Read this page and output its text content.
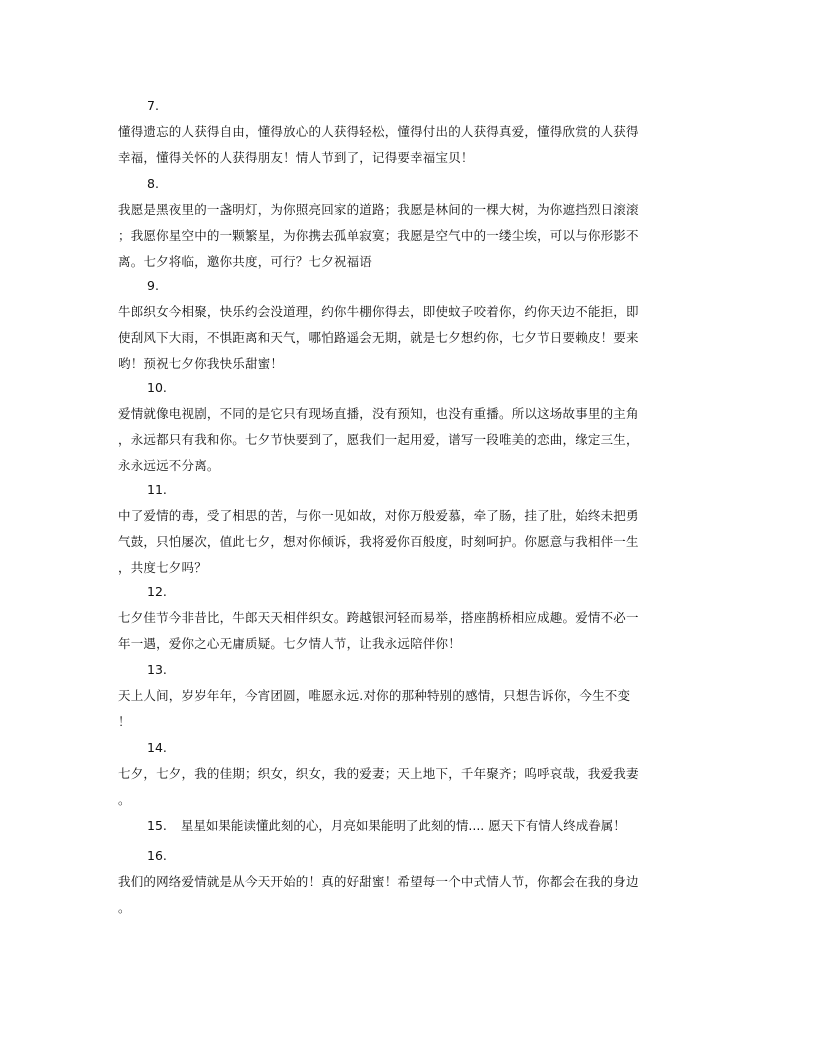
7.
懂得遗忘的人获得自由，懂得放心的人获得轻松，懂得付出的人获得真爱，懂得欣赏的人获得
幸福，懂得关怀的人获得朋友！情人节到了，记得要幸福宝贝！
8.
我愿是黑夜里的一盏明灯，为你照亮回家的道路；我愿是林间的一棵大树，为你遮挡烈日滚滚
；我愿你星空中的一颗繁星，为你携去孤单寂寞；我愿是空气中的一缕尘埃，可以与你形影不
离。七夕将临，邀你共度，可行？七夕祝福语
9.
牛郎织女今相聚，快乐约会没道理，约你牛棚你得去，即使蚊子咬着你，约你天边不能拒，即
使刮风下大雨，不惧距离和天气，哪怕路遥会无期，就是七夕想约你，七夕节日要赖皮！要来
哟！预祝七夕你我快乐甜蜜！
10.
爱情就像电视剧，不同的是它只有现场直播，没有预知，也没有重播。所以这场故事里的主角
，永远都只有我和你。七夕节快要到了，愿我们一起用爱，谱写一段唯美的恋曲，缘定三生，
永永远远不分离。
11.
中了爱情的毒，受了相思的苦，与你一见如故，对你万般爱慕，牵了肠，挂了肚，始终未把勇
气鼓，只怕屡次，值此七夕，想对你倾诉，我将爱你百般度，时刻呵护。你愿意与我相伴一生
，共度七夕吗？
12.
七夕佳节今非昔比，牛郎天天相伴织女。跨越银河轻而易举，搭座鹊桥相应成趣。爱情不必一
年一遇，爱你之心无庸质疑。七夕情人节，让我永远陪伴你！
13.
天上人间，岁岁年年，今宵团圆，唯愿永远.对你的那种特别的感情，只想告诉你，今生不变
！
14.
七夕，七夕，我的佳期；织女，织女，我的爱妻；天上地下，千年聚齐；呜呼哀哉，我爱我妻
。
15. 星星如果能读懂此刻的心，月亮如果能明了此刻的情.... 愿天下有情人终成眷属！
16.
我们的网络爱情就是从今天开始的！真的好甜蜜！希望每一个中式情人节，你都会在我的身边
。
